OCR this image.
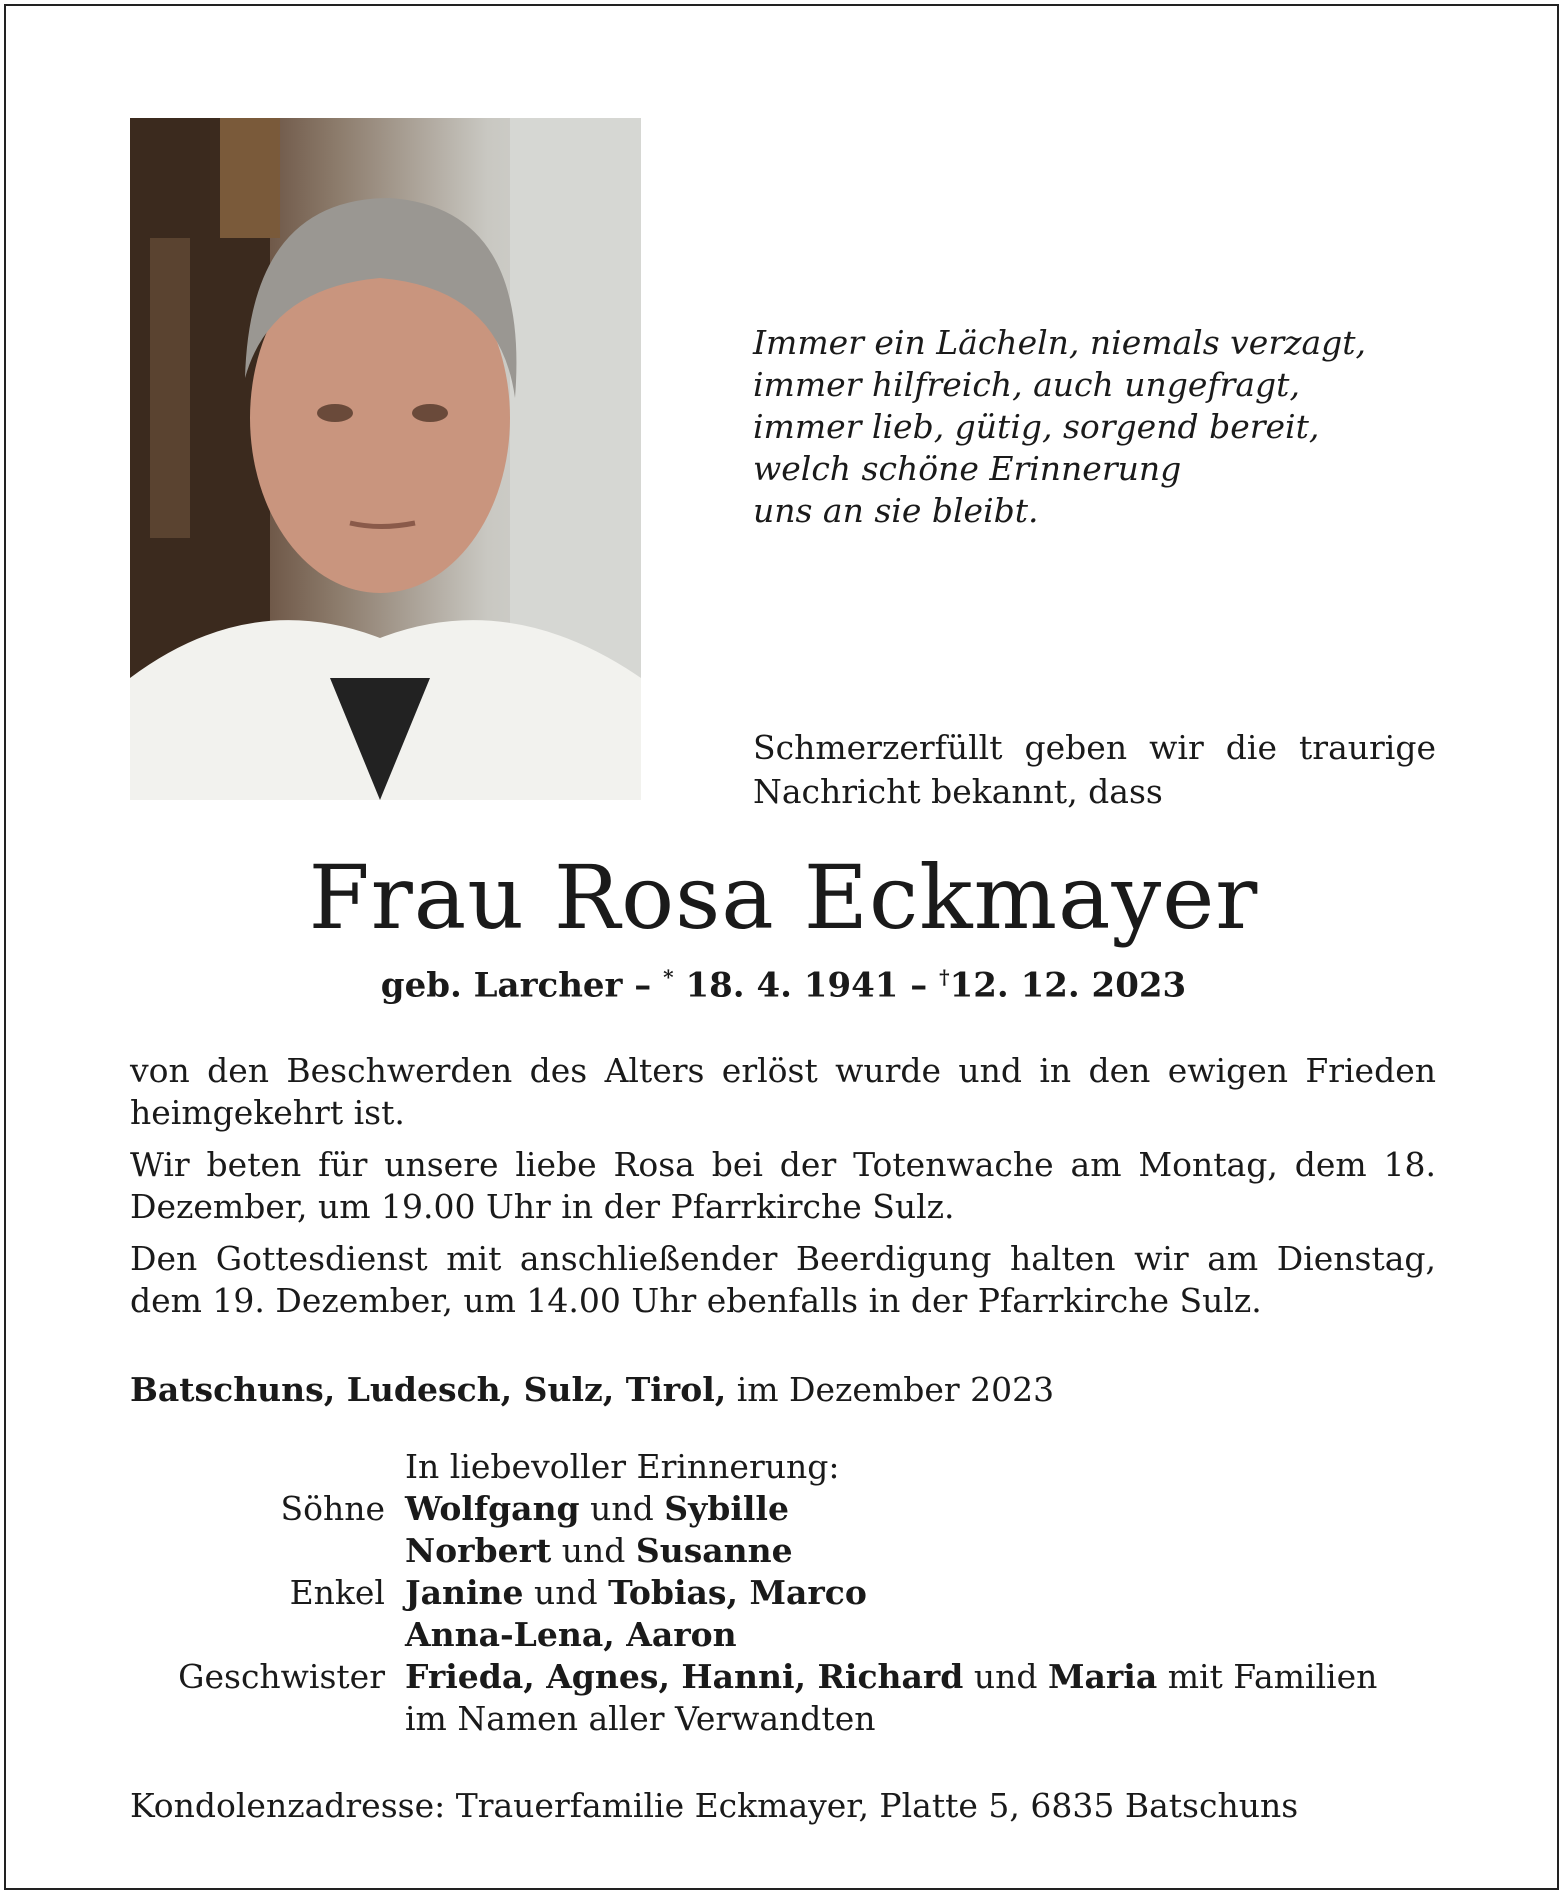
Immer ein Lächeln, niemals verzagt,
immer hilfreich, auch ungefragt,
immer lieb, gütig, sorgend bereit,
welch schöne Erinnerung
uns an sie bleibt.
Schmerzerfüllt geben wir die traurige Nachricht bekannt, dass
Frau Rosa Eckmayer
geb. Larcher – * 18. 4. 1941 – †12. 12. 2023
von den Beschwerden des Alters erlöst wurde und in den ewigen Frieden heimgekehrt ist.
Wir beten für unsere liebe Rosa bei der Totenwache am Montag, dem 18. Dezember, um 19.00 Uhr in der Pfarrkirche Sulz.
Den Gottesdienst mit anschließender Beerdigung halten wir am Dienstag, dem 19. Dezember, um 14.00 Uhr ebenfalls in der Pfarrkirche Sulz.
Batschuns, Ludesch, Sulz, Tirol, im Dezember 2023
In liebevoller Erinnerung:
Söhne Wolfgang und Sybille
Norbert und Susanne
Enkel Janine und Tobias, Marco
Anna-Lena, Aaron
Geschwister Frieda, Agnes, Hanni, Richard und Maria mit Familien
im Namen aller Verwandten
Kondolenzadresse: Trauerfamilie Eckmayer, Platte 5, 6835 Batschuns
